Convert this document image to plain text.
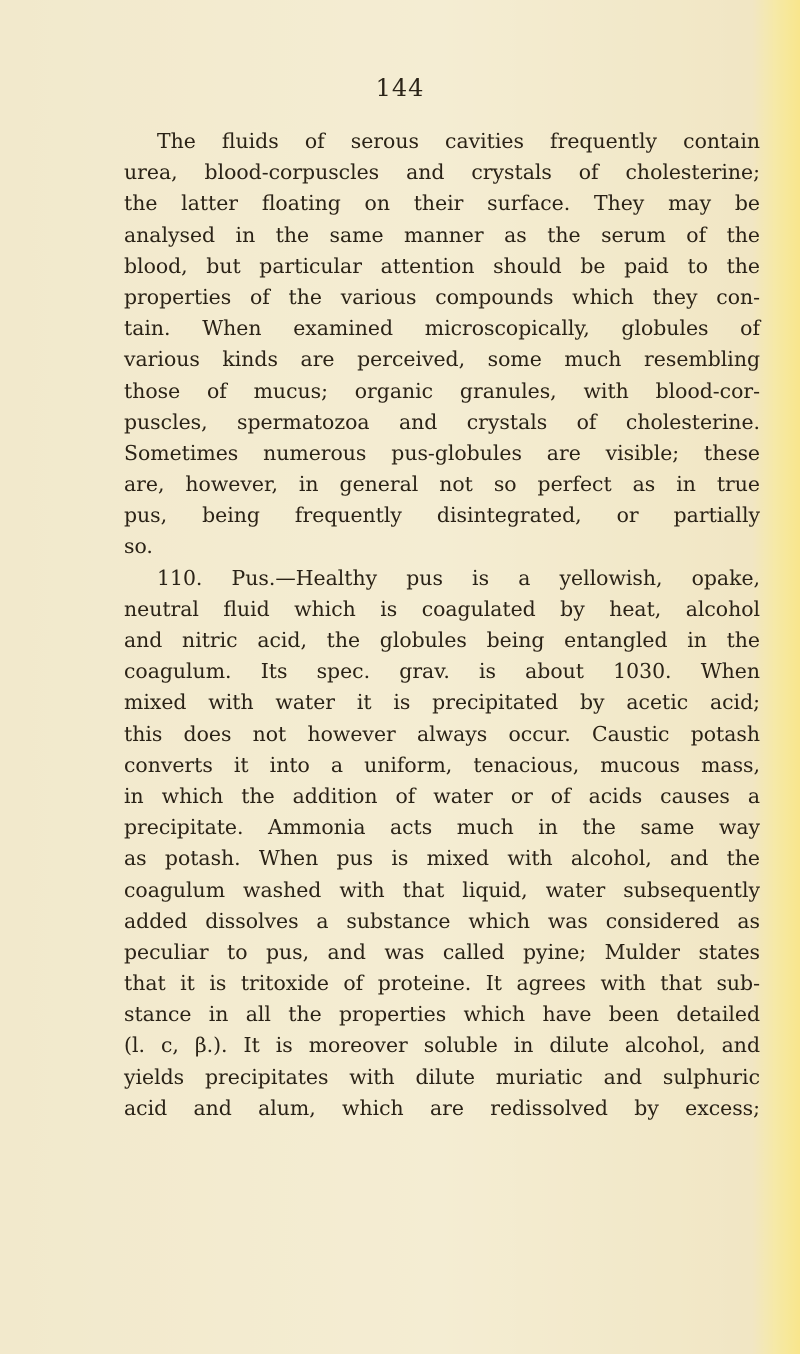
144
The fluids of serous cavities frequently contain
urea, blood-corpuscles and crystals of cholesterine;
the latter floating on their surface. They may be
analysed in the same manner as the serum of the
blood, but particular attention should be paid to the
properties of the various compounds which they con-
tain. When examined microscopically, globules of
various kinds are perceived, some much resembling
those of mucus; organic granules, with blood-cor-
puscles, spermatozoa and crystals of cholesterine.
Sometimes numerous pus-globules are visible; these
are, however, in general not so perfect as in true
pus, being frequently disintegrated, or partially
so.
110. Pus.—Healthy pus is a yellowish, opake,
neutral fluid which is coagulated by heat, alcohol
and nitric acid, the globules being entangled in the
coagulum. Its spec. grav. is about 1030. When
mixed with water it is precipitated by acetic acid;
this does not however always occur. Caustic potash
converts it into a uniform, tenacious, mucous mass,
in which the addition of water or of acids causes a
precipitate. Ammonia acts much in the same way
as potash. When pus is mixed with alcohol, and the
coagulum washed with that liquid, water subsequently
added dissolves a substance which was considered as
peculiar to pus, and was called pyine; Mulder states
that it is tritoxide of proteine. It agrees with that sub-
stance in all the properties which have been detailed
(l. c, β.). It is moreover soluble in dilute alcohol, and
yields precipitates with dilute muriatic and sulphuric
acid and alum, which are redissolved by excess;
